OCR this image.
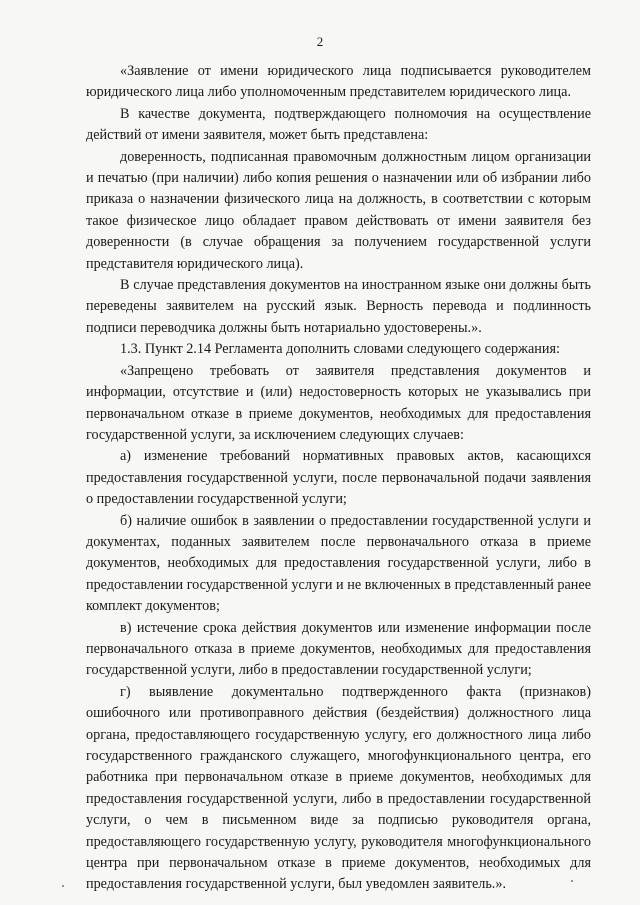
2

«Заявление от имени юридического лица подписывается руководителем юридического лица либо уполномоченным представителем юридического лица.

В качестве документа, подтверждающего полномочия на осуществление действий от имени заявителя, может быть представлена:

доверенность, подписанная правомочным должностным лицом организации и печатью (при наличии) либо копия решения о назначении или об избрании либо приказа о назначении физического лица на должность, в соответствии с которым такое физическое лицо обладает правом действовать от имени заявителя без доверенности (в случае обращения за получением государственной услуги представителя юридического лица).

В случае представления документов на иностранном языке они должны быть переведены заявителем на русский язык. Верность перевода и подлинность подписи переводчика должны быть нотариально удостоверены.».

1.3. Пункт 2.14 Регламента дополнить словами следующего содержания:

«Запрещено требовать от заявителя представления документов и информации, отсутствие и (или) недостоверность которых не указывались при первоначальном отказе в приеме документов, необходимых для предоставления государственной услуги, за исключением следующих случаев:

а) изменение требований нормативных правовых актов, касающихся предоставления государственной услуги, после первоначальной подачи заявления о предоставлении государственной услуги;

б) наличие ошибок в заявлении о предоставлении государственной услуги и документах, поданных заявителем после первоначального отказа в приеме документов, необходимых для предоставления государственной услуги, либо в предоставлении государственной услуги и не включенных в представленный ранее комплект документов;

в) истечение срока действия документов или изменение информации после первоначального отказа в приеме документов, необходимых для предоставления государственной услуги, либо в предоставлении государственной услуги;

г) выявление документально подтвержденного факта (признаков) ошибочного или противоправного действия (бездействия) должностного лица органа, предоставляющего государственную услугу, его должностного лица либо государственного гражданского служащего, многофункционального центра, его работника при первоначальном отказе в приеме документов, необходимых для предоставления государственной услуги, либо в предоставлении государственной услуги, о чем в письменном виде за подписью руководителя органа, предоставляющего государственную услугу, руководителя многофункционального центра при первоначальном отказе в приеме документов, необходимых для предоставления государственной услуги, был уведомлен заявитель.».
